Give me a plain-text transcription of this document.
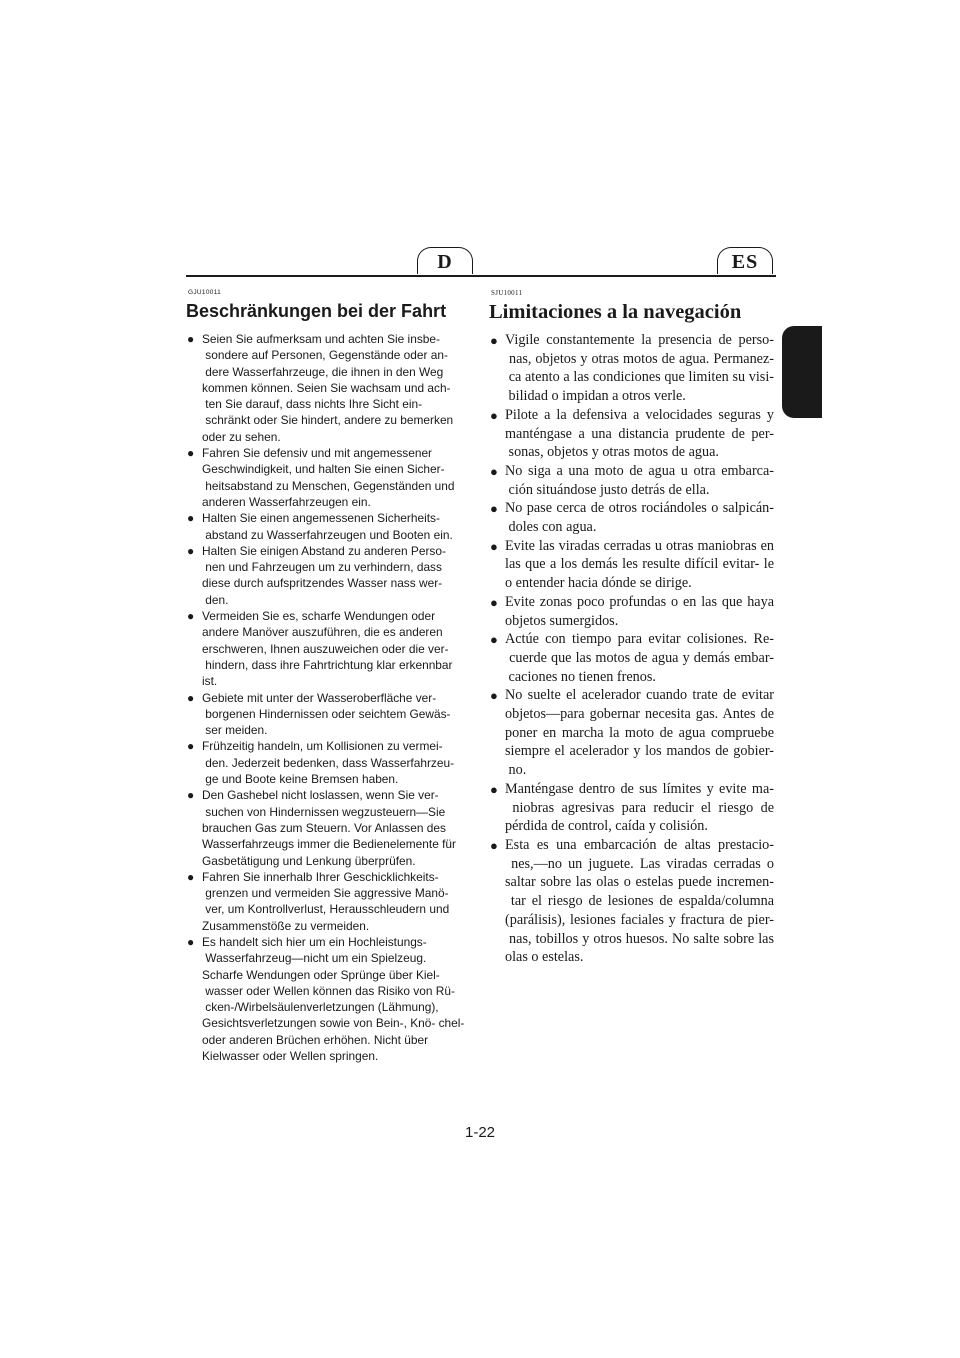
D	ES
GJU10011
Beschränkungen bei der Fahrt
● Seien Sie aufmerksam und achten Sie insbe- sondere auf Personen, Gegenstände oder an- dere Wasserfahrzeuge, die ihnen in den Weg kommen können. Seien Sie wachsam und ach- ten Sie darauf, dass nichts Ihre Sicht ein- schränkt oder Sie hindert, andere zu bemerken oder zu sehen.
● Fahren Sie defensiv und mit angemessener Geschwindigkeit, und halten Sie einen Sicher- heitsabstand zu Menschen, Gegenständen und anderen Wasserfahrzeugen ein.
● Halten Sie einen angemessenen Sicherheits- abstand zu Wasserfahrzeugen und Booten ein.
● Halten Sie einigen Abstand zu anderen Perso- nen und Fahrzeugen um zu verhindern, dass diese durch aufspritzendes Wasser nass wer- den.
● Vermeiden Sie es, scharfe Wendungen oder andere Manöver auszuführen, die es anderen erschweren, Ihnen auszuweichen oder die ver- hindern, dass ihre Fahrtrichtung klar erkennbar ist.
● Gebiete mit unter der Wasseroberfläche ver- borgenen Hindernissen oder seichtem Gewäs- ser meiden.
● Frühzeitig handeln, um Kollisionen zu vermei- den. Jederzeit bedenken, dass Wasserfahrzeu- ge und Boote keine Bremsen haben.
● Den Gashebel nicht loslassen, wenn Sie ver- suchen von Hindernissen wegzusteuern—Sie brauchen Gas zum Steuern. Vor Anlassen des Wasserfahrzeugs immer die Bedienelemente für Gasbetätigung und Lenkung überprüfen.
● Fahren Sie innerhalb Ihrer Geschicklichkeits- grenzen und vermeiden Sie aggressive Manö- ver, um Kontrollverlust, Herausschleudern und Zusammenstöße zu vermeiden.
● Es handelt sich hier um ein Hochleistungs- Wasserfahrzeug—nicht um ein Spielzeug. Scharfe Wendungen oder Sprünge über Kiel- wasser oder Wellen können das Risiko von Rü- cken-/Wirbelsäulenverletzungen (Lähmung), Gesichtsverletzungen sowie von Bein-, Knö- chel- oder anderen Brüchen erhöhen. Nicht über Kielwasser oder Wellen springen.
SJU10011
Limitaciones a la navegación
● Vigile constantemente la presencia de perso- nas, objetos y otras motos de agua. Permanez- ca atento a las condiciones que limiten su visi- bilidad o impidan a otros verle.
● Pilote a la defensiva a velocidades seguras y manténgase a una distancia prudente de per- sonas, objetos y otras motos de agua.
● No siga a una moto de agua u otra embarca- ción situándose justo detrás de ella.
● No pase cerca de otros rociándoles o salpicán- doles con agua.
● Evite las viradas cerradas u otras maniobras en las que a los demás les resulte difícil evitar- le o entender hacia dónde se dirige.
● Evite zonas poco profundas o en las que haya objetos sumergidos.
● Actúe con tiempo para evitar colisiones. Re- cuerde que las motos de agua y demás embar- caciones no tienen frenos.
● No suelte el acelerador cuando trate de evitar objetos—para gobernar necesita gas. Antes de poner en marcha la moto de agua compruebe siempre el acelerador y los mandos de gobier- no.
● Manténgase dentro de sus límites y evite ma- niobras agresivas para reducir el riesgo de pérdida de control, caída y colisión.
● Esta es una embarcación de altas prestacio- nes,—no un juguete. Las viradas cerradas o saltar sobre las olas o estelas puede incremen- tar el riesgo de lesiones de espalda/columna (parálisis), lesiones faciales y fractura de pier- nas, tobillos y otros huesos. No salte sobre las olas o estelas.
1-22
